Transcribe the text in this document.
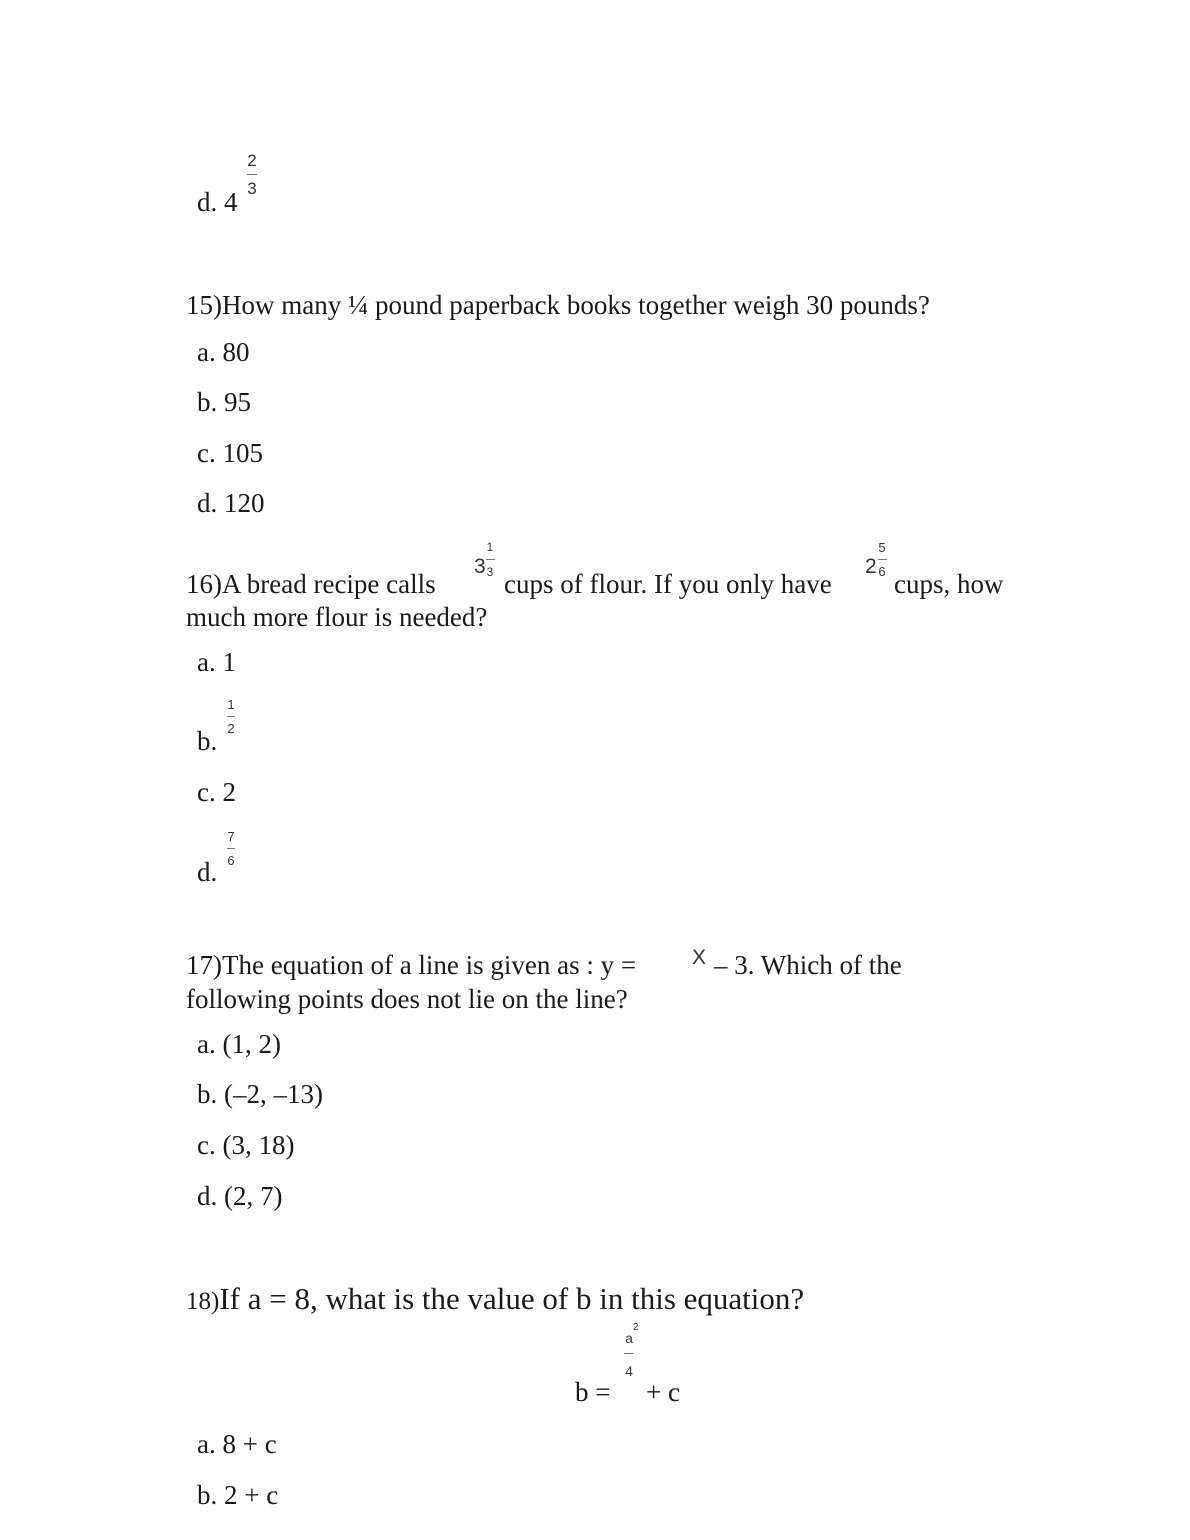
d. 4
2
3
15)How many ¼ pound paperback books together weigh 30 pounds?
a. 80
b. 95
c. 105
d. 120
16)A bread recipe calls
3
1
3 cups of flour. If you only have
2
5
6 cups, how
much more flour is needed?
a. 1
b.
1
2
c. 2
d.
7
6
17)The equation of a line is given as : y =	X – 3. Which of the
following points does not lie on the line?
a. (1, 2)
b. (–2, –13)
c. (3, 18)
d. (2, 7)
18)If a = 8, what is the value of b in this equation?
b =
a
2
4
+ c
a. 8 + c
b. 2 + c
